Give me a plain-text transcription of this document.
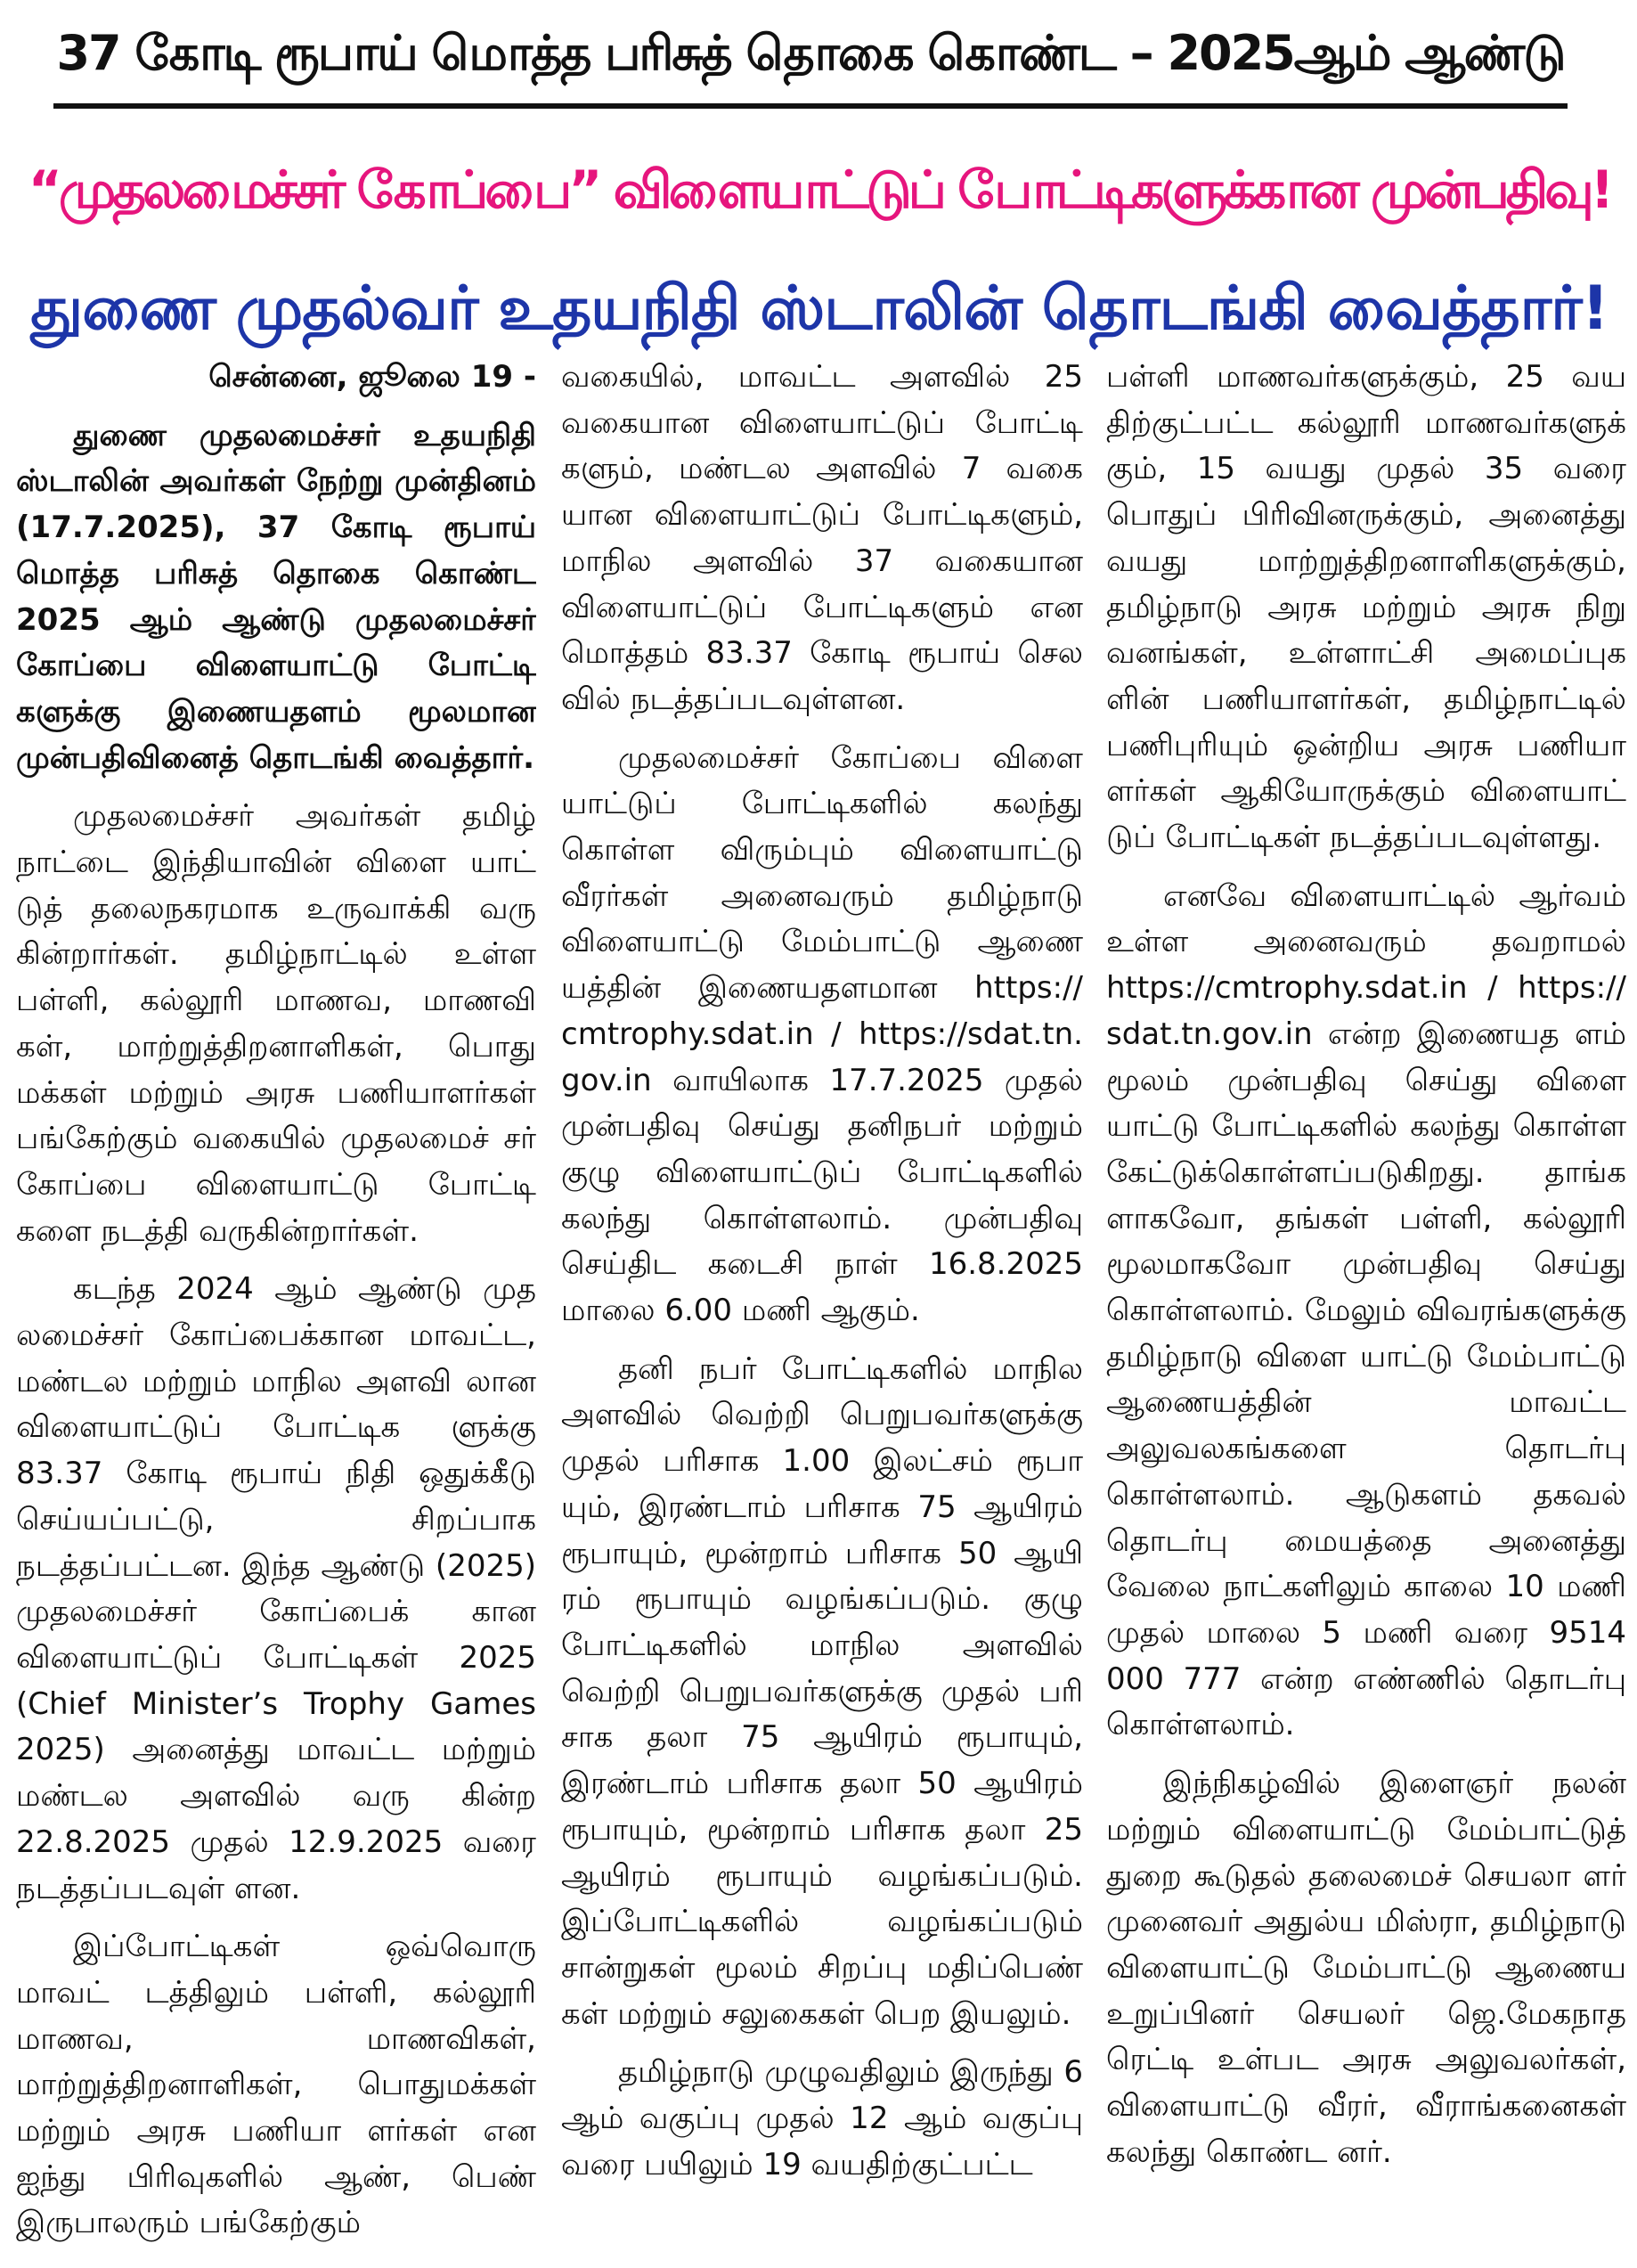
37 கோடி ரூபாய் மொத்த பரிசுத் தொகை கொண்ட – 2025ஆம் ஆண்டு
“முதலமைச்சர் கோப்பை” விளையாட்டுப் போட்டிகளுக்கான முன்பதிவு!
துணை முதல்வர் உதயநிதி ஸ்டாலின் தொடங்கி வைத்தார்!

சென்னை, ஜூலை 19 -

துணை முதலமைச்சர் உதயநிதி ஸ்டாலின் அவர்கள் நேற்று முன்தினம் (17.7.2025), 37 கோடி ரூபாய் மொத்த பரிசுத் தொகை கொண்ட 2025 ஆம் ஆண்டு முதலமைச்சர் கோப்பை விளையாட்டு போட்டி களுக்கு இணையதளம் மூலமான முன்பதிவினைத் தொடங்கி வைத்தார்.

முதலமைச்சர் அவர்கள் தமிழ் நாட்டை இந்தியாவின் விளை யாட் டுத் தலைநகரமாக உருவாக்கி வரு கின்றார்கள். தமிழ்நாட்டில் உள்ள பள்ளி, கல்லூரி மாணவ, மாணவி கள், மாற்றுத்திறனாளிகள், பொது மக்கள் மற்றும் அரசு பணியாளர்கள் பங்கேற்கும் வகையில் முதலமைச் சர் கோப்பை விளையாட்டு போட்டி களை நடத்தி வருகின்றார்கள்.

கடந்த 2024 ஆம் ஆண்டு முத லமைச்சர் கோப்பைக்கான மாவட்ட, மண்டல மற்றும் மாநில அளவி லான விளையாட்டுப் போட்டிக ளுக்கு 83.37 கோடி ரூபாய் நிதி ஒதுக்கீடு செய்யப்பட்டு, சிறப்பாக நடத்தப்பட்டன. இந்த ஆண்டு (2025) முதலமைச்சர் கோப்பைக் கான விளையாட்டுப் போட்டிகள் 2025 (Chief Minister’s Trophy Games 2025) அனைத்து மாவட்ட மற்றும் மண்டல அளவில் வரு கின்ற 22.8.2025 முதல் 12.9.2025 வரை நடத்தப்படவுள் ளன.

இப்போட்டிகள் ஒவ்வொரு மாவட் டத்திலும் பள்ளி, கல்லூரி மாணவ, மாணவிகள், மாற்றுத்திறனாளிகள், பொதுமக்கள் மற்றும் அரசு பணியா ளர்கள் என ஐந்து பிரிவுகளில் ஆண், பெண் இருபாலரும் பங்கேற்கும்

வகையில், மாவட்ட அளவில் 25 வகையான விளையாட்டுப் போட்டி களும், மண்டல அளவில் 7 வகை யான விளையாட்டுப் போட்டிகளும், மாநில அளவில் 37 வகையான விளையாட்டுப் போட்டிகளும் என மொத்தம் 83.37 கோடி ரூபாய் செல வில் நடத்தப்படவுள்ளன.

முதலமைச்சர் கோப்பை விளை யாட்டுப் போட்டிகளில் கலந்து கொள்ள விரும்பும் விளையாட்டு வீரர்கள் அனைவரும் தமிழ்நாடு விளையாட்டு மேம்பாட்டு ஆணை யத்தின் இணையதளமான https:// cmtrophy.sdat.in / https://sdat.tn. gov.in வாயிலாக 17.7.2025 முதல் முன்பதிவு செய்து தனிநபர் மற்றும் குழு விளையாட்டுப் போட்டிகளில் கலந்து கொள்ளலாம். முன்பதிவு செய்திட கடைசி நாள் 16.8.2025 மாலை 6.00 மணி ஆகும்.

தனி நபர் போட்டிகளில் மாநில அளவில் வெற்றி பெறுபவர்களுக்கு முதல் பரிசாக 1.00 இலட்சம் ரூபா யும், இரண்டாம் பரிசாக 75 ஆயிரம் ரூபாயும், மூன்றாம் பரிசாக 50 ஆயி ரம் ரூபாயும் வழங்கப்படும். குழு போட்டிகளில் மாநில அளவில் வெற்றி பெறுபவர்களுக்கு முதல் பரி சாக தலா 75 ஆயிரம் ரூபாயும், இரண்டாம் பரிசாக தலா 50 ஆயிரம் ரூபாயும், மூன்றாம் பரிசாக தலா 25 ஆயிரம் ரூபாயும் வழங்கப்படும். இப்போட்டிகளில் வழங்கப்படும் சான்றுகள் மூலம் சிறப்பு மதிப்பெண் கள் மற்றும் சலுகைகள் பெற இயலும்.

தமிழ்நாடு முழுவதிலும் இருந்து 6 ஆம் வகுப்பு முதல் 12 ஆம் வகுப்பு வரை பயிலும் 19 வயதிற்குட்பட்ட

பள்ளி மாணவர்களுக்கும், 25 வய திற்குட்பட்ட கல்லூரி மாணவர்களுக் கும், 15 வயது முதல் 35 வரை பொதுப் பிரிவினருக்கும், அனைத்து வயது மாற்றுத்திறனாளிகளுக்கும், தமிழ்நாடு அரசு மற்றும் அரசு நிறு வனங்கள், உள்ளாட்சி அமைப்புக ளின் பணியாளர்கள், தமிழ்நாட்டில் பணிபுரியும் ஒன்றிய அரசு பணியா ளர்கள் ஆகியோருக்கும் விளையாட் டுப் போட்டிகள் நடத்தப்படவுள்ளது.

எனவே விளையாட்டில் ஆர்வம் உள்ள அனைவரும் தவறாமல் https://cmtrophy.sdat.in / https:// sdat.tn.gov.in என்ற இணையத ளம் மூலம் முன்பதிவு செய்து விளை யாட்டு போட்டிகளில் கலந்து கொள்ள கேட்டுக்கொள்ளப்படுகிறது. தாங்க ளாகவோ, தங்கள் பள்ளி, கல்லூரி மூலமாகவோ முன்பதிவு செய்து கொள்ளலாம். மேலும் விவரங்களுக்கு தமிழ்நாடு விளை யாட்டு மேம்பாட்டு ஆணையத்தின் மாவட்ட அலுவலகங்களை தொடர்பு கொள்ளலாம். ஆடுகளம் தகவல் தொடர்பு மையத்தை அனைத்து வேலை நாட்களிலும் காலை 10 மணி முதல் மாலை 5 மணி வரை 9514 000 777 என்ற எண்ணில் தொடர்பு கொள்ளலாம்.

இந்நிகழ்வில் இளைஞர் நலன் மற்றும் விளையாட்டு மேம்பாட்டுத் துறை கூடுதல் தலைமைச் செயலா ளர் முனைவர் அதுல்ய மிஸ்ரா, தமிழ்நாடு விளையாட்டு மேம்பாட்டு ஆணைய உறுப்பினர் செயலர் ஜெ.மேகநாத ரெட்டி உள்பட அரசு அலுவலர்கள், விளையாட்டு வீரர், வீராங்கனைகள் கலந்து கொண்ட னர்.
